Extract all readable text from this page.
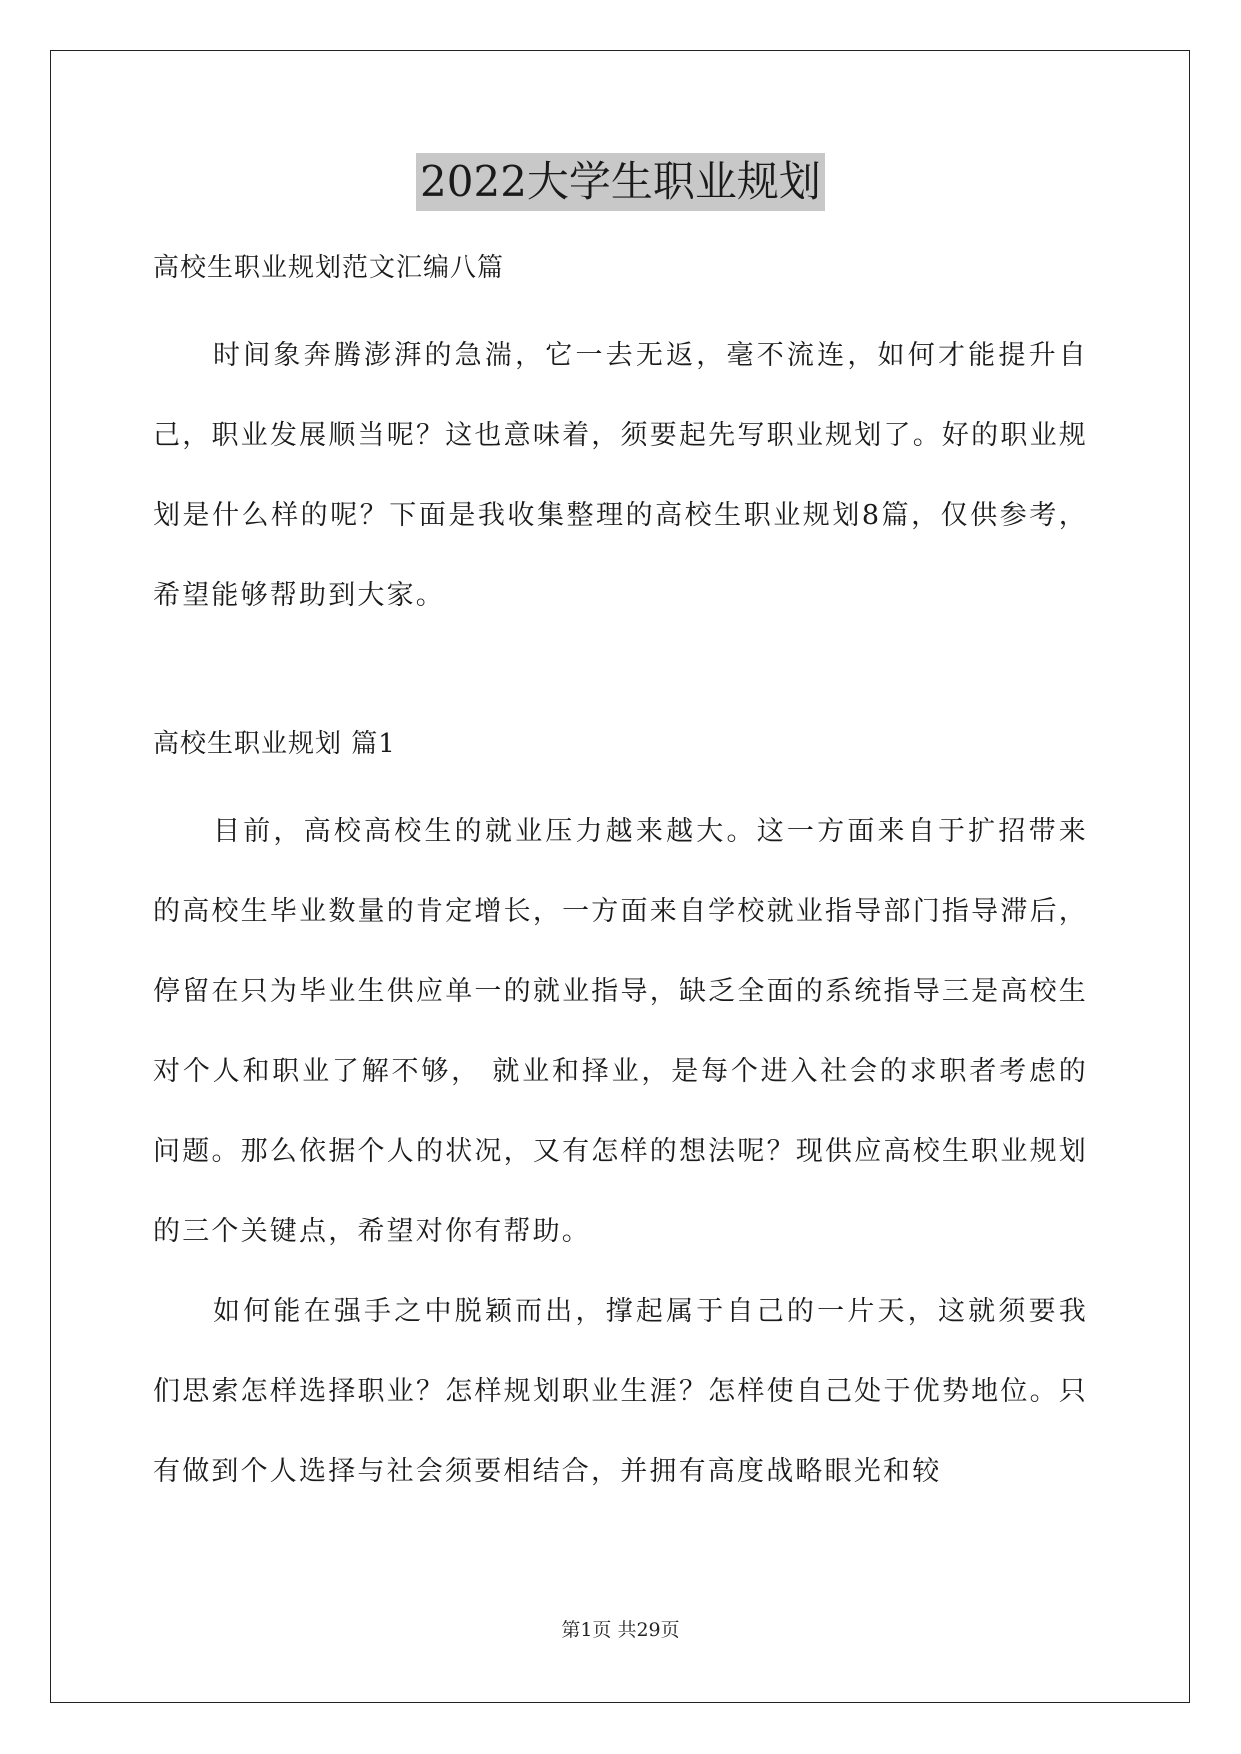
2022大学生职业规划

高校生职业规划范文汇编八篇

时间象奔腾澎湃的急湍，它一去无返，毫不流连，如何才能提升自己，职业发展顺当呢？这也意味着，须要起先写职业规划了。好的职业规划是什么样的呢？下面是我收集整理的高校生职业规划8篇，仅供参考，希望能够帮助到大家。

高校生职业规划 篇1

目前，高校高校生的就业压力越来越大。这一方面来自于扩招带来的高校生毕业数量的肯定增长，一方面来自学校就业指导部门指导滞后，停留在只为毕业生供应单一的就业指导，缺乏全面的系统指导三是高校生对个人和职业了解不够， 就业和择业，是每个进入社会的求职者考虑的问题。那么依据个人的状况，又有怎样的想法呢？现供应高校生职业规划的三个关键点，希望对你有帮助。

如何能在强手之中脱颖而出，撑起属于自己的一片天，这就须要我们思索怎样选择职业？怎样规划职业生涯？怎样使自己处于优势地位。只有做到个人选择与社会须要相结合，并拥有高度战略眼光和较

第1页 共29页
